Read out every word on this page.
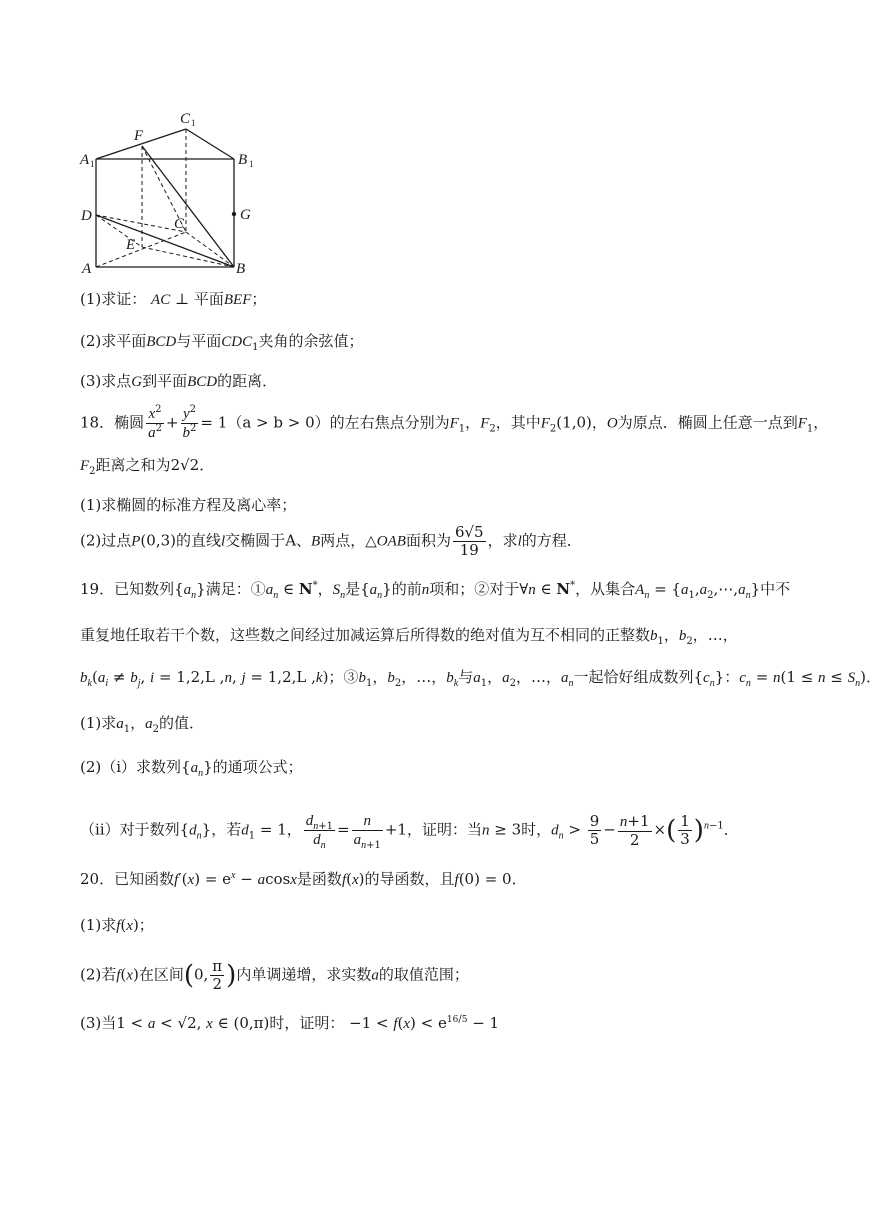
C 1
F
A 1	B 1
D	G
C
E
A	B
(1)求证： AC ⊥ 平面BEF；
(2)求平面BCD与平面$CDC_1$夹角的余弦值；
(3)求点G到平面BCD的距离．
18．椭圆 $\frac{x^2}{a^2} + \frac{y^2}{b^2} = 1(a > b > 0)$的左右焦点分别为$F_1$，$F_2$，其中$F_2(1,0)$，O为原点．椭圆上任意一点到$F_1$，
$F_2$距离之和为2√2．
(1)求椭圆的标准方程及离心率；
(2)过点P(0,3)的直线l交椭圆于A、B两点，△OAB面积为 $\frac{6√5}{19}$ ，求l的方程．
19．已知数列$\{a_n\}$满足：$①a_n$ ∈ N*，$S_n$是$\{a_n\}$的前n项和；②对于∀n ∈ N*，从集合$A_n$ = $\{a_1,a_2,\cdots,a_n\}$中不
重复地任取若干个数，这些数之间经过加减运算后所得数的绝对值为互不相同的正整数$b_1$，$b_2$，…，
$b_k(a_i \ne b_j$, i = 1,2,L ,n, j = 1,2,L ,k)；$③b_1$，$b_2$，…，$b_k$与$a_1$，$a_2$，…，$a_n$一起恰好组成数列$\{c_n\}$：$c_n = n(1 \le n \le S_n)$．
(1)求$a_1$，$a_2$的值．
(2)（ⅰ）求数列$\{a_n\}$的通项公式；
（ⅱ）对于数列$\{d_n\}$，若$d_1 = 1$， $\frac{d_{n+1}}{d_n} = \frac{n}{a_{n+1}} +1$，证明：当n ≥ 3时，$d_n > \frac{9}{5} - \frac{n+1}{2}$ ×( $\frac{1}{3} )^{n-1}$．
20．已知函数$f'(x) = e^x - acosx$是函数f(x)的导函数，且f(0) = 0．
(1)求f(x)；
(2)若f(x)在区间(0, $\frac{\pi}{2}$ )内单调递增，求实数a的取值范围；
(3)当1 < a < √2, x ∈ (0,π)时，证明： $-1 < f(x) < e^{16/5} - 1$
